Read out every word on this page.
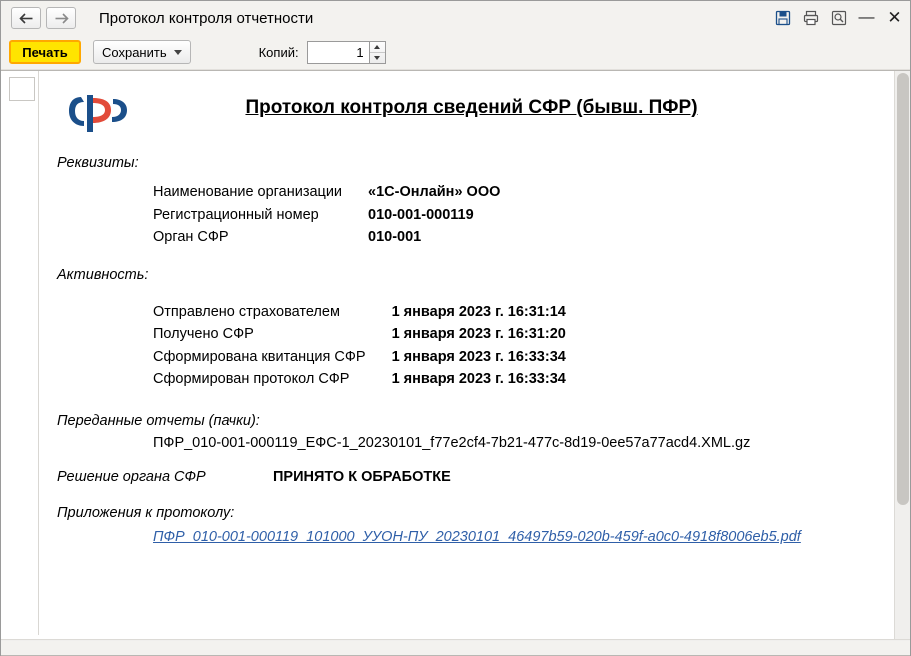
Протокол контроля отчетности	— ✕
Печать	Сохранить	Копий:
1
Протокол контроля сведений СФР (бывш. ПФР)
Реквизиты:
Наименование организации	«1С-Онлайн» ООО
Регистрационный номер	010-001-000119
Орган СФР	010-001
Активность:
Отправлено страхователем	1 января 2023 г. 16:31:14
Получено СФР	1 января 2023 г. 16:31:20
Сформирована квитанция СФР	1 января 2023 г. 16:33:34
Сформирован протокол СФР	1 января 2023 г. 16:33:34
Переданные отчеты (пачки):
ПФР_010-001-000119_ЕФС-1_20230101_f77e2cf4-7b21-477c-8d19-0ee57a77acd4.XML.gz
Решение органа СФР	ПРИНЯТО К ОБРАБОТКЕ
Приложения к протоколу:
ПФР_010-001-000119_101000_УУОН-ПУ_20230101_46497b59-020b-459f-a0c0-4918f8006eb5.pdf
